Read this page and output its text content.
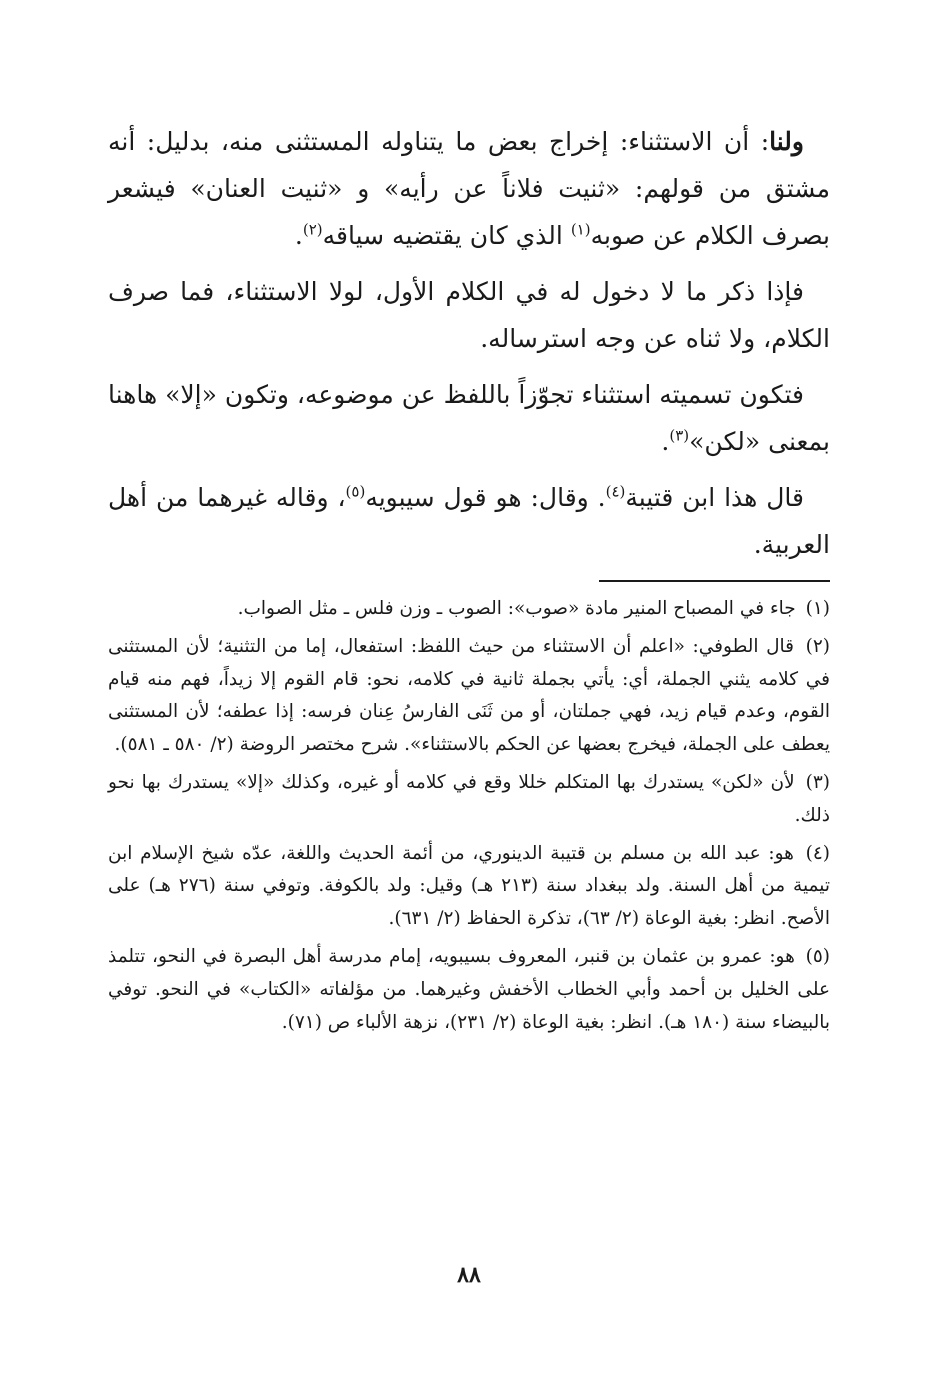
ولنا: أن الاستثناء: إخراج بعض ما يتناوله المستثنى منه، بدليل: أنه مشتق من قولهم: «ثنيت فلاناً عن رأيه» و «ثنيت العنان» فيشعر بصرف الكلام عن صوبه$^{(١)}$ الذي كان يقتضيه سياقه$^{(٢)}$.

فإذا ذكر ما لا دخول له في الكلام الأول، لولا الاستثناء، فما صرف الكلام، ولا ثناه عن وجه استرساله.

فتكون تسميته استثناء تجوّزاً باللفظ عن موضوعه، وتكون «إلا» هاهنا بمعنى «لكن»$^{(٣)}$.

قال هذا ابن قتيبة$^{(٤)}$. وقال: هو قول سيبويه$^{(٥)}$، وقاله غيرهما من أهل العربية.

(١) جاء في المصباح المنير مادة «صوب»: الصوب ـ وزن فلس ـ مثل الصواب.

(٢) قال الطوفي: «اعلم أن الاستثناء من حيث اللفظ: استفعال، إما من التثنية؛ لأن المستثنى في كلامه يثني الجملة، أي: يأتي بجملة ثانية في كلامه، نحو: قام القوم إلا زيداً، فهم منه قيام القوم، وعدم قيام زيد، فهي جملتان، أو من ثَنَى الفارسُ عِنان فرسه: إذا عطفه؛ لأن المستثنى يعطف على الجملة، فيخرج بعضها عن الحكم بالاستثناء». شرح مختصر الروضة (٢/ ٥٨٠ ـ ٥٨١).

(٣) لأن «لكن» يستدرك بها المتكلم خللا وقع في كلامه أو غيره، وكذلك «إلا» يستدرك بها نحو ذلك.

(٤) هو: عبد الله بن مسلم بن قتيبة الدينوري، من أئمة الحديث واللغة، عدّه شيخ الإسلام ابن تيمية من أهل السنة. ولد ببغداد سنة (٢١٣ هـ) وقيل: ولد بالكوفة. وتوفي سنة (٢٧٦ هـ) على الأصح. انظر: بغية الوعاة (٢/ ٦٣)، تذكرة الحفاظ (٢/ ٦٣١).

(٥) هو: عمرو بن عثمان بن قنبر، المعروف بسيبويه، إمام مدرسة أهل البصرة في النحو، تتلمذ على الخليل بن أحمد وأبي الخطاب الأخفش وغيرهما. من مؤلفاته «الكتاب» في النحو. توفي بالبيضاء سنة (١٨٠ هـ). انظر: بغية الوعاة (٢/ ٢٣١)، نزهة الألباء ص (٧١).

٨٨
